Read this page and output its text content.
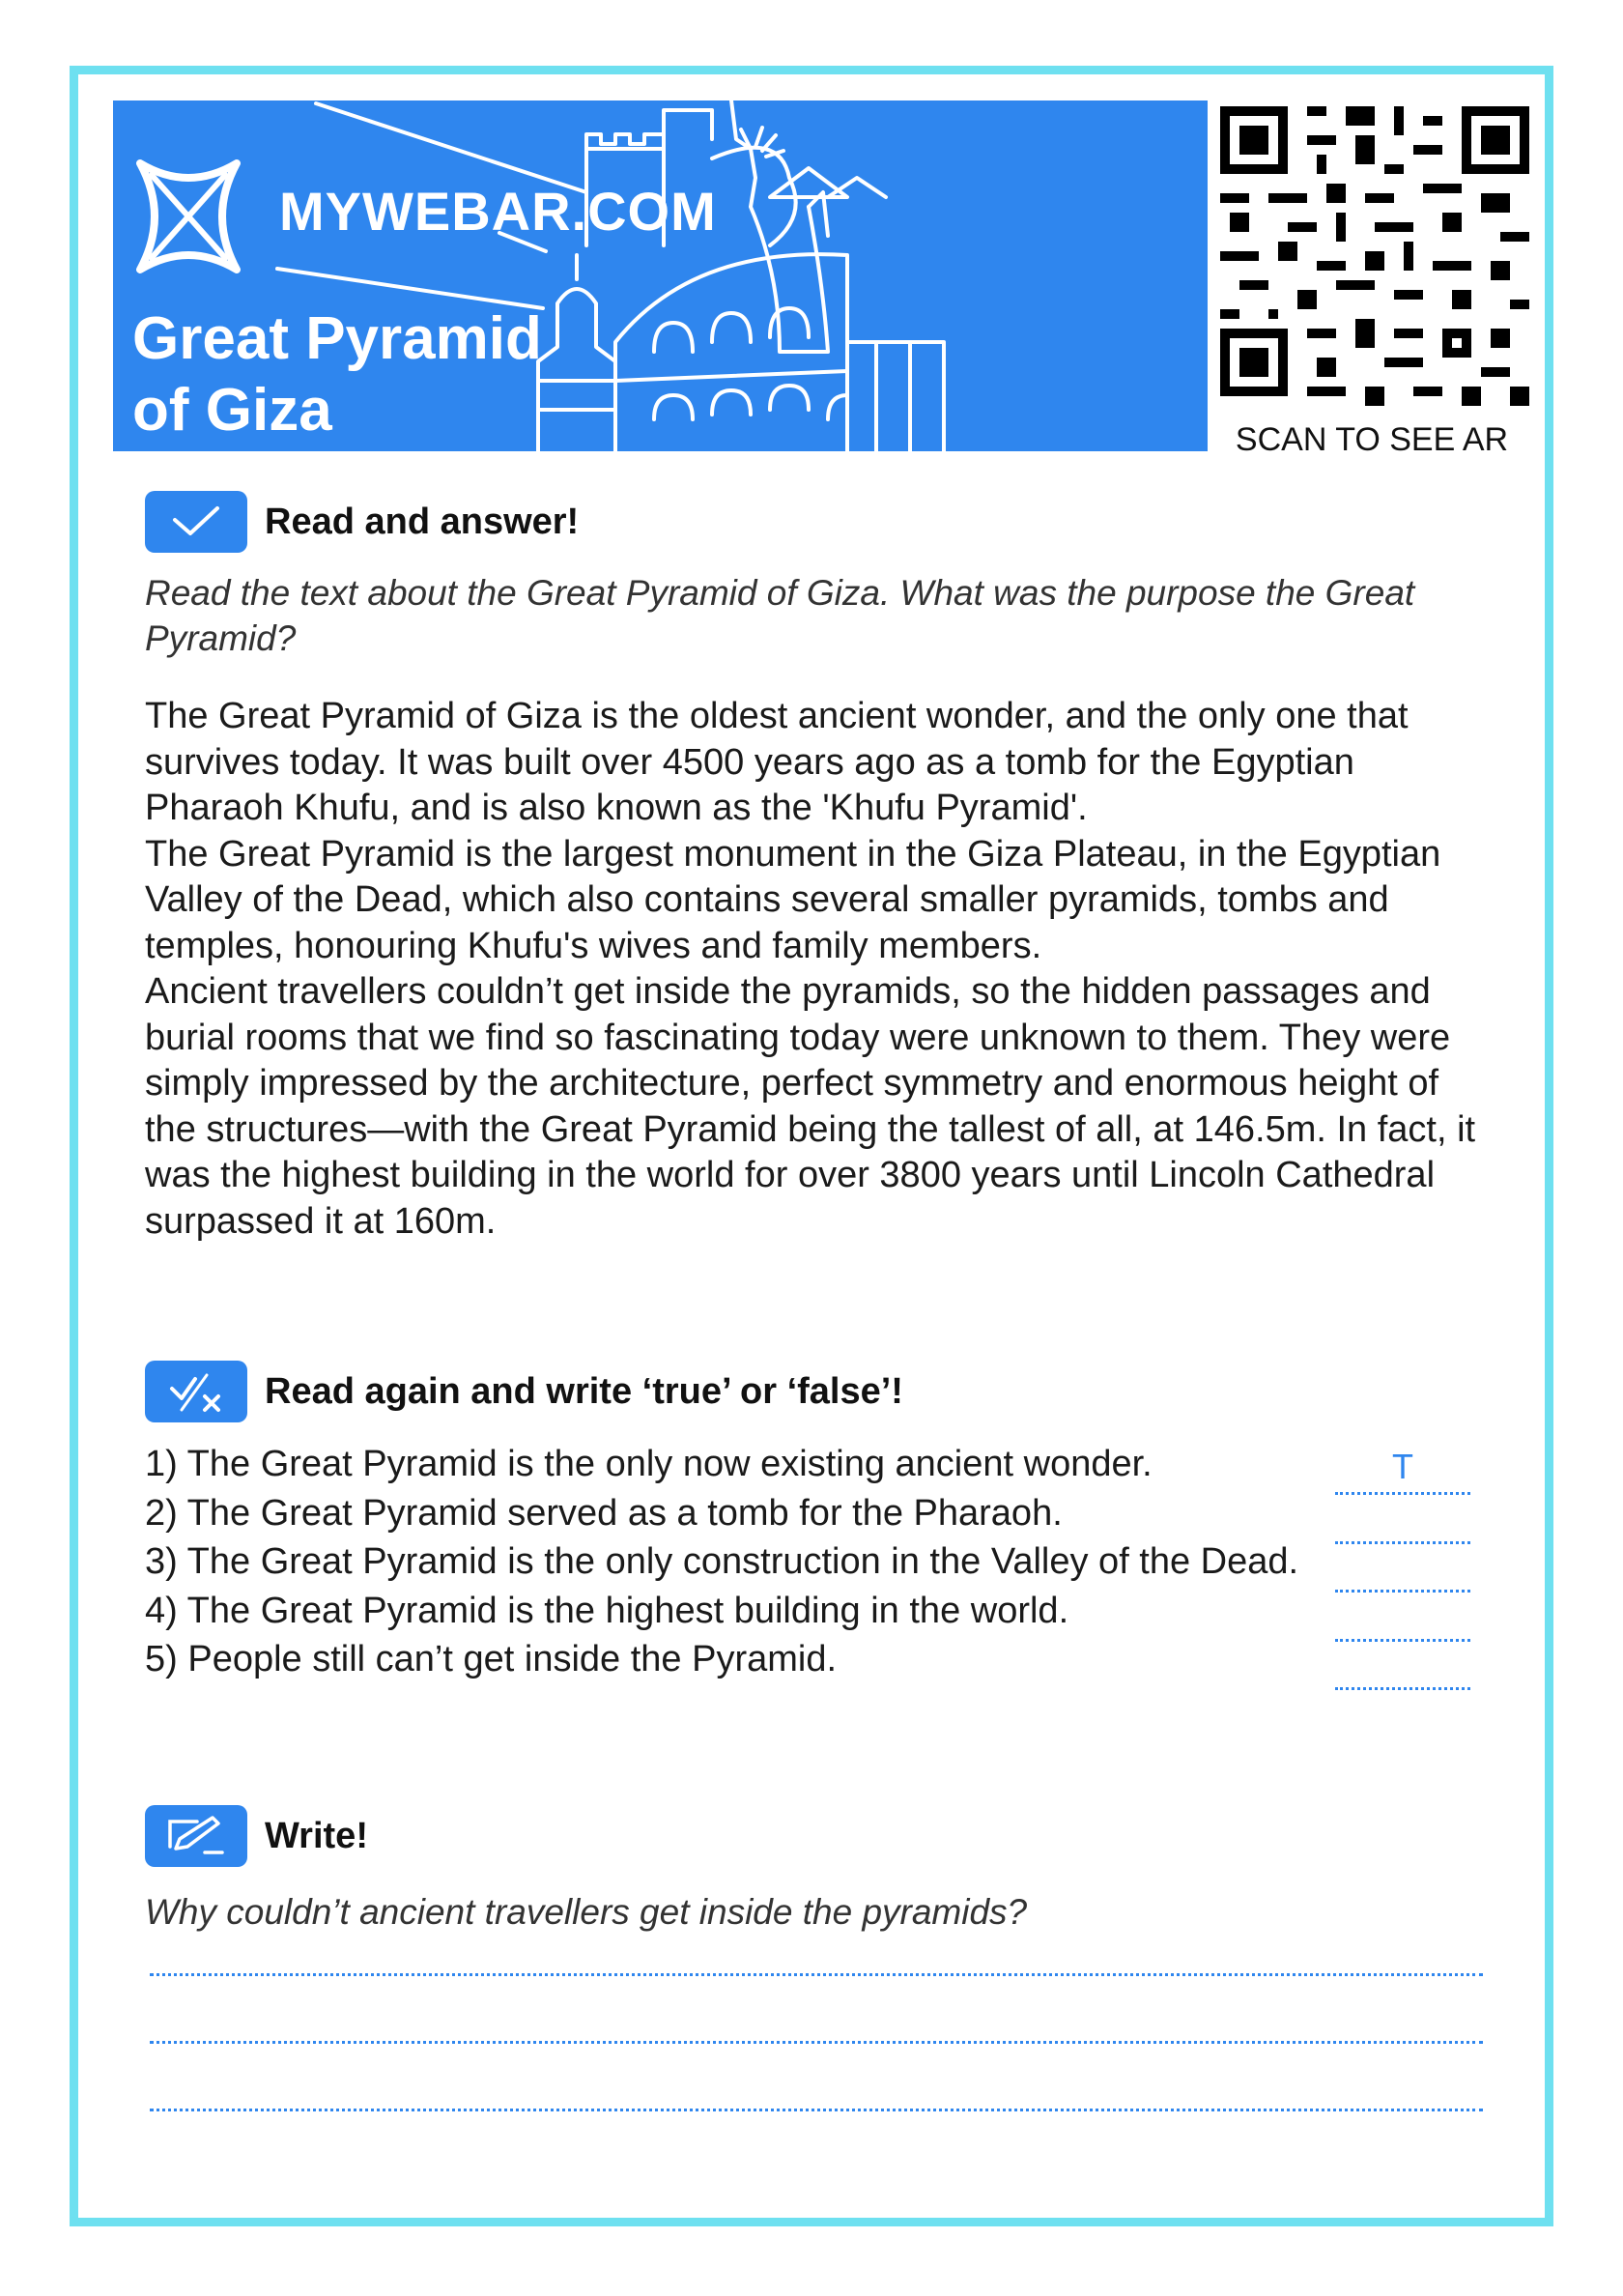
MYWEBAR.COM
Great Pyramid
of Giza	SCAN TO SEE AR
Read and answer!
Read the text about the Great Pyramid of Giza. What was the purpose the Great Pyramid?

The Great Pyramid of Giza is the oldest ancient wonder, and the only one that survives today. It was built over 4500 years ago as a tomb for the Egyptian Pharaoh Khufu, and is also known as the 'Khufu Pyramid'.

The Great Pyramid is the largest monument in the Giza Plateau, in the Egyptian Valley of the Dead, which also contains several smaller pyramids, tombs and temples, honouring Khufu's wives and family members.

Ancient travellers couldn’t get inside the pyramids, so the hidden passages and burial rooms that we find so fascinating today were unknown to them. They were simply impressed by the architecture, perfect symmetry and enormous height of the structures—with the Great Pyramid being the tallest of all, at 146.5m. In fact, it was the highest building in the world for over 3800 years until Lincoln Cathedral surpassed it at 160m.

Read again and write ‘true’ or ‘false’!
1) The Great Pyramid is the only now existing ancient wonder.	T
2) The Great Pyramid served as a tomb for the Pharaoh.
3) The Great Pyramid is the only construction in the Valley of the Dead.
4) The Great Pyramid is the highest building in the world.
5) People still can’t get inside the Pyramid.
Write!
Why couldn’t ancient travellers get inside the pyramids?
